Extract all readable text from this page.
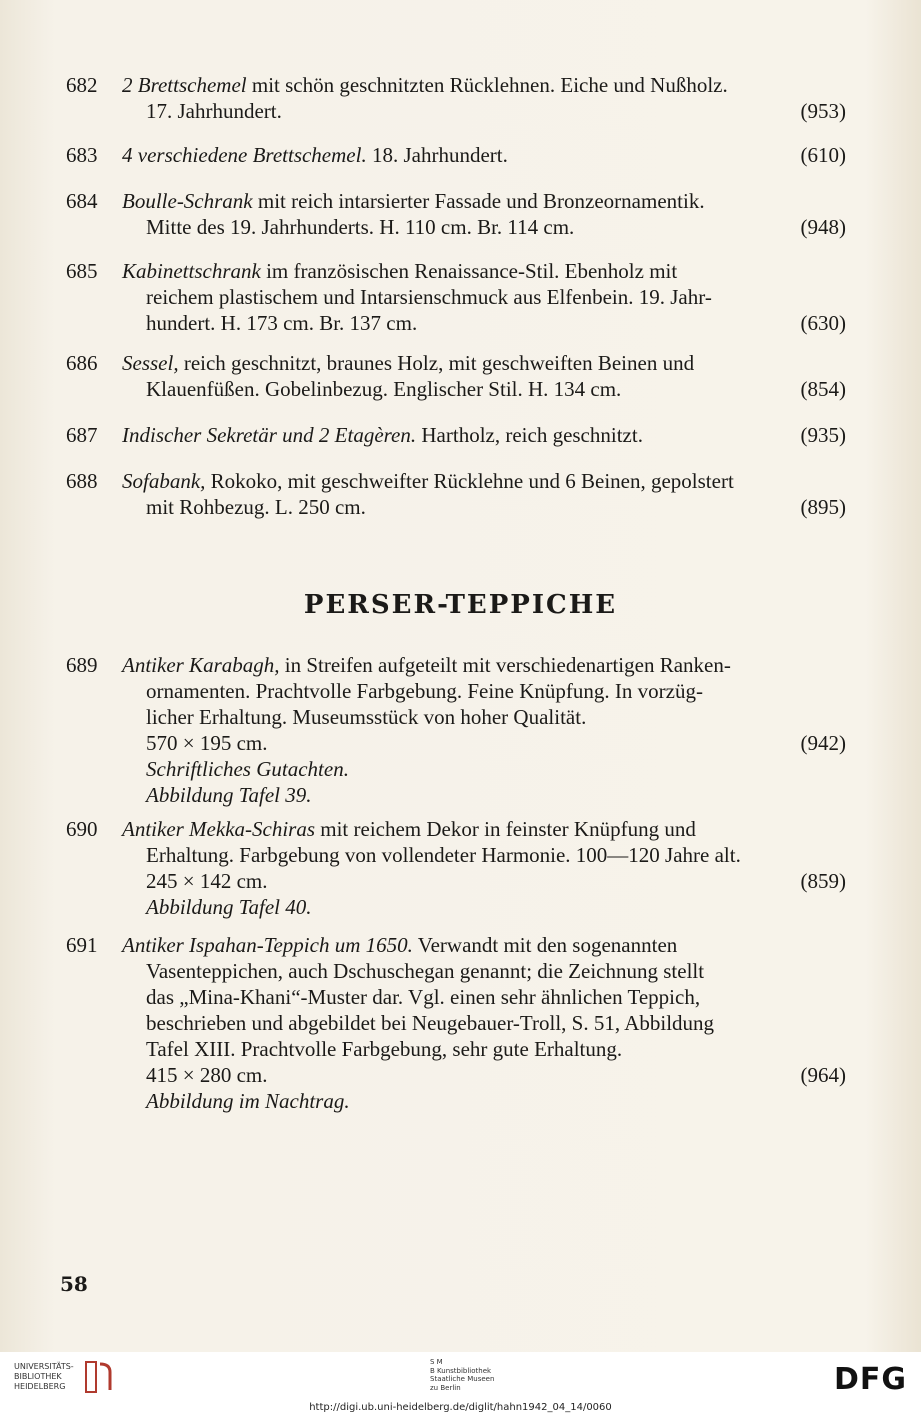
682	2 Brettschemel mit schön geschnitzten Rücklehnen. Eiche und Nußholz.
17. Jahrhundert.	(953)
683	4 verschiedene Brettschemel. 18. Jahrhundert.	(610)
684	Boulle-Schrank mit reich intarsierter Fassade und Bronzeornamentik.
Mitte des 19. Jahrhunderts. H. 110 cm. Br. 114 cm.	(948)
685	Kabinettschrank im französischen Renaissance-Stil. Ebenholz mit
reichem plastischem und Intarsienschmuck aus Elfenbein. 19. Jahr-
hundert. H. 173 cm. Br. 137 cm.	(630)
686	Sessel, reich geschnitzt, braunes Holz, mit geschweiften Beinen und
Klauenfüßen. Gobelinbezug. Englischer Stil. H. 134 cm.	(854)
687	Indischer Sekretär und 2 Etagèren. Hartholz, reich geschnitzt.	(935)
688	Sofabank, Rokoko, mit geschweifter Rücklehne und 6 Beinen, gepolstert
mit Rohbezug. L. 250 cm.	(895)
PERSER-TEPPICHE
689	Antiker Karabagh, in Streifen aufgeteilt mit verschiedenartigen Ranken-
ornamenten. Prachtvolle Farbgebung. Feine Knüpfung. In vorzüg-
licher Erhaltung. Museumsstück von hoher Qualität.
570 × 195 cm.	(942)
Schriftliches Gutachten.
Abbildung Tafel 39.
690	Antiker Mekka-Schiras mit reichem Dekor in feinster Knüpfung und
Erhaltung. Farbgebung von vollendeter Harmonie. 100—120 Jahre alt.
245 × 142 cm.	(859)
Abbildung Tafel 40.
691	Antiker Ispahan-Teppich um 1650. Verwandt mit den sogenannten
Vasenteppichen, auch Dschuschegan genannt; die Zeichnung stellt
das „Mina-Khani“-Muster dar. Vgl. einen sehr ähnlichen Teppich,
beschrieben und abgebildet bei Neugebauer-Troll, S. 51, Abbildung
Tafel XIII. Prachtvolle Farbgebung, sehr gute Erhaltung.
415 × 280 cm.	(964)
Abbildung im Nachtrag.
58
UNIVERSITÄTS-
BIBLIOTHEK
HEIDELBERG
S M
B Kunstbibliothek
Staatliche Museen
zu Berlin	DFG
http://digi.ub.uni-heidelberg.de/diglit/hahn1942_04_14/0060
